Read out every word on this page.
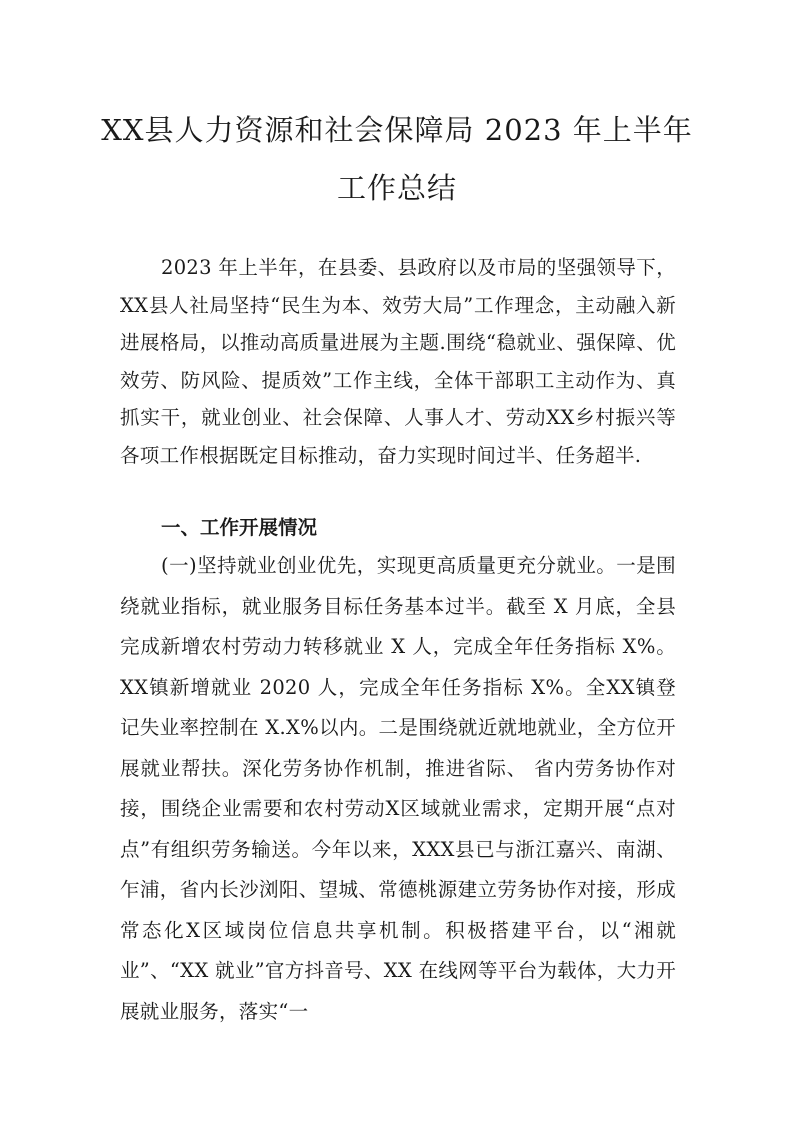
XX县人力资源和社会保障局 2023 年上半年
工作总结

2023 年上半年，在县委、县政府以及市局的坚强领导下，XX县人社局坚持“民生为本、效劳大局”工作理念，主动融入新进展格局，以推动高质量进展为主题.围绕“稳就业、强保障、优效劳、防风险、提质效”工作主线，全体干部职工主动作为、真抓实干，就业创业、社会保障、人事人才、劳动XX乡村振兴等各项工作根据既定目标推动，奋力实现时间过半、任务超半.

一、工作开展情况

(一)坚持就业创业优先，实现更高质量更充分就业。一是围绕就业指标，就业服务目标任务基本过半。截至 X 月底，全县完成新增农村劳动力转移就业 X 人，完成全年任务指标 X%。XX镇新增就业 2020 人，完成全年任务指标 X%。全XX镇登记失业率控制在 X.X%以内。二是围绕就近就地就业，全方位开展就业帮扶。深化劳务协作机制，推进省际、 省内劳务协作对接，围绕企业需要和农村劳动X区域就业需求，定期开展“点对点”有组织劳务输送。今年以来，XXX县已与浙江嘉兴、南湖、乍浦，省内长沙浏阳、望城、常德桃源建立劳务协作对接，形成常态化X区域岗位信息共享机制。积极搭建平台，以“湘就业”、“XX 就业”官方抖音号、XX 在线网等平台为载体，大力开展就业服务，落实“一
